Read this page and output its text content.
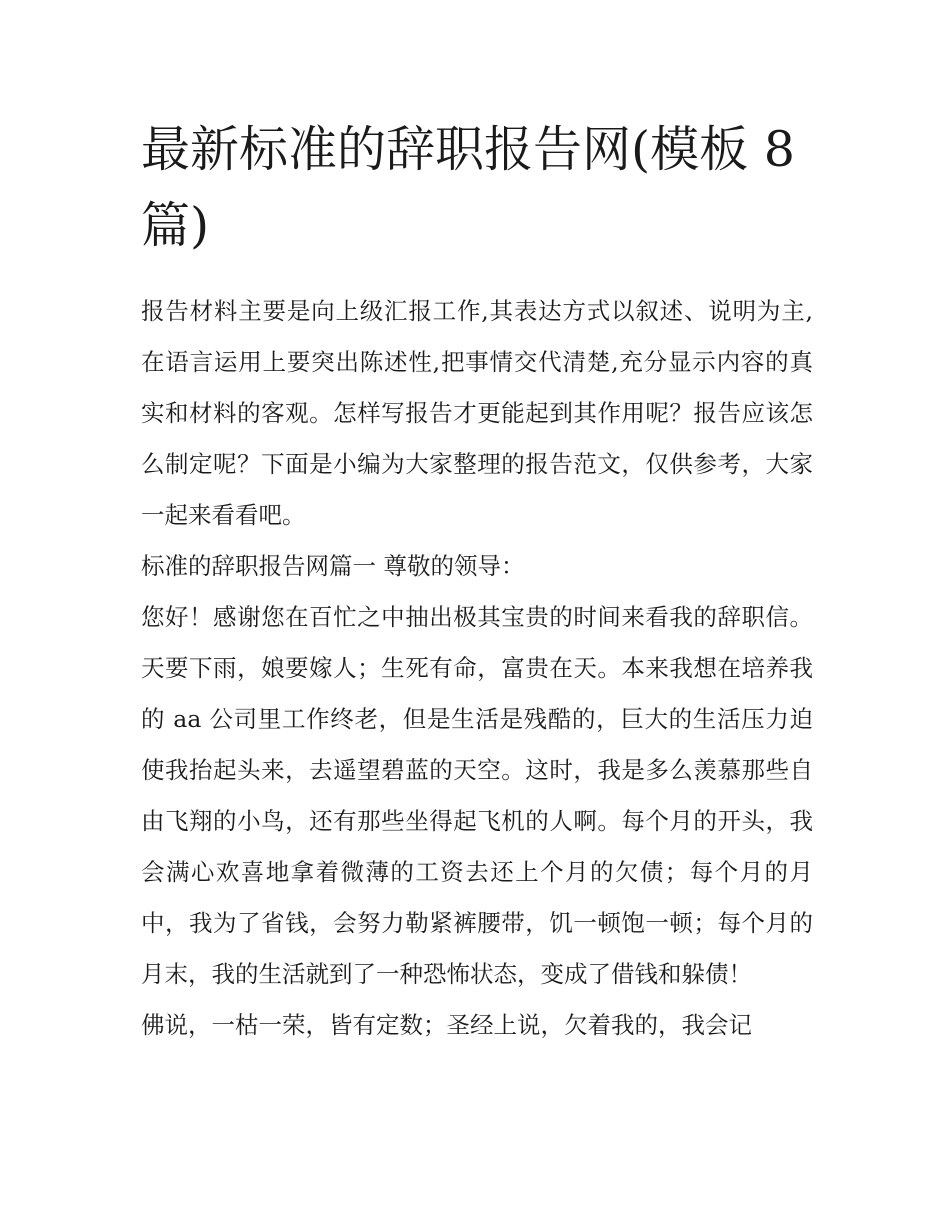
最新标准的辞职报告网(模板 8 篇)

报告材料主要是向上级汇报工作,其表达方式以叙述、说明为主,在语言运用上要突出陈述性,把事情交代清楚,充分显示内容的真实和材料的客观。怎样写报告才更能起到其作用呢？报告应该怎么制定呢？下面是小编为大家整理的报告范文，仅供参考，大家一起来看看吧。

标准的辞职报告网篇一 尊敬的领导：

您好！感谢您在百忙之中抽出极其宝贵的时间来看我的辞职信。天要下雨，娘要嫁人；生死有命，富贵在天。本来我想在培养我的 aa 公司里工作终老，但是生活是残酷的，巨大的生活压力迫使我抬起头来，去遥望碧蓝的天空。这时，我是多么羡慕那些自由飞翔的小鸟，还有那些坐得起飞机的人啊。每个月的开头，我会满心欢喜地拿着微薄的工资去还上个月的欠债；每个月的月中，我为了省钱，会努力勒紧裤腰带，饥一顿饱一顿；每个月的月末，我的生活就到了一种恐怖状态，变成了借钱和躲债！

佛说，一枯一荣，皆有定数；圣经上说，欠着我的，我会记
